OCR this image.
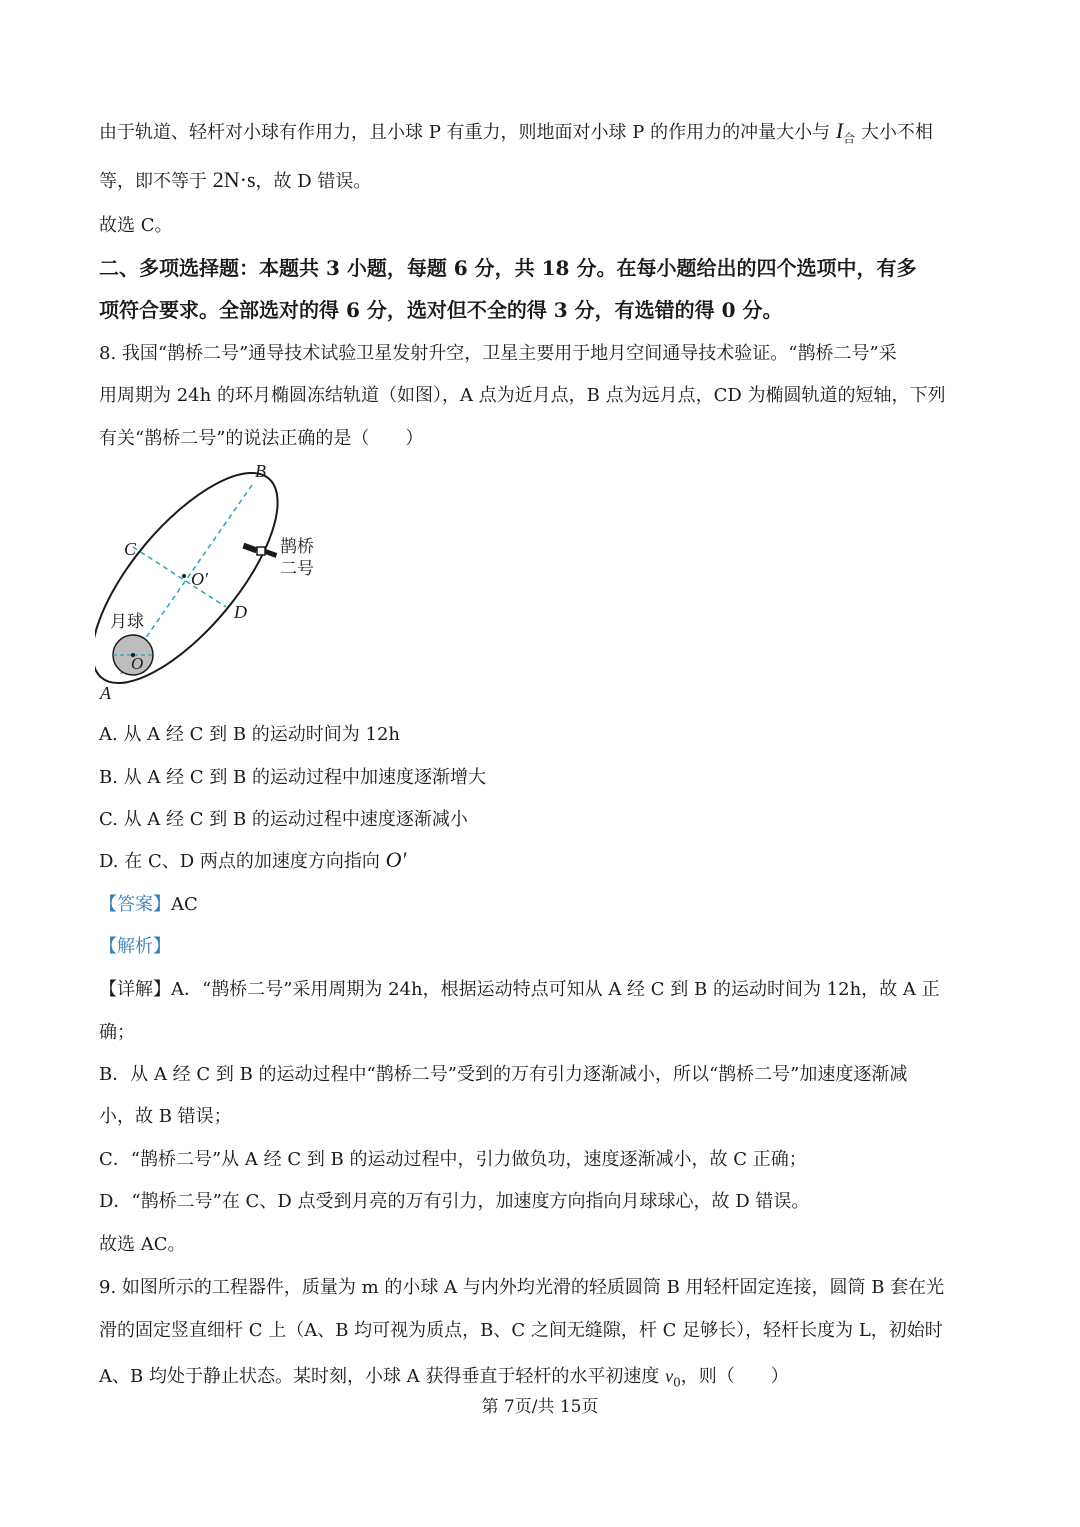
由于轨道、轻杆对小球有作用力，且小球 P 有重力，则地面对小球 P 的作用力的冲量大小与 $I_合$ 大小不相
等，即不等于 2N·s，故 D 错误。
故选 C。
二、多项选择题：本题共 3 小题，每题 6 分，共 18 分。在每小题给出的四个选项中，有多
项符合要求。全部选对的得 6 分，选对但不全的得 3 分，有选错的得 0 分。
8. 我国“鹊桥二号”通导技术试验卫星发射升空，卫星主要用于地月空间通导技术验证。“鹊桥二号”采
用周期为 24h 的环月椭圆冻结轨道（如图），A 点为近月点，B 点为远月点，CD 为椭圆轨道的短轴，下列
有关“鹊桥二号”的说法正确的是（　　）
B
C
O′
D
月球
O
A
鹊桥
二号
A. 从 A 经 C 到 B 的运动时间为 12h
B. 从 A 经 C 到 B 的运动过程中加速度逐渐增大
C. 从 A 经 C 到 B 的运动过程中速度逐渐减小
D. 在 C、D 两点的加速度方向指向 O′
【答案】AC
【解析】
【详解】A．“鹊桥二号”采用周期为 24h，根据运动特点可知从 A 经 C 到 B 的运动时间为 12h，故 A 正
确；
B．从 A 经 C 到 B 的运动过程中“鹊桥二号”受到的万有引力逐渐减小，所以“鹊桥二号”加速度逐渐减
小，故 B 错误；
C．“鹊桥二号”从 A 经 C 到 B 的运动过程中，引力做负功，速度逐渐减小，故 C 正确；
D．“鹊桥二号”在 C、D 点受到月亮的万有引力，加速度方向指向月球球心，故 D 错误。
故选 AC。
9. 如图所示的工程器件，质量为 m 的小球 A 与内外均光滑的轻质圆筒 B 用轻杆固定连接，圆筒 B 套在光
滑的固定竖直细杆 C 上（A、B 均可视为质点，B、C 之间无缝隙，杆 C 足够长），轻杆长度为 L，初始时
A、B 均处于静止状态。某时刻，小球 A 获得垂直于轻杆的水平初速度 $v_0$，则（　　）
第 7页/共 15页
